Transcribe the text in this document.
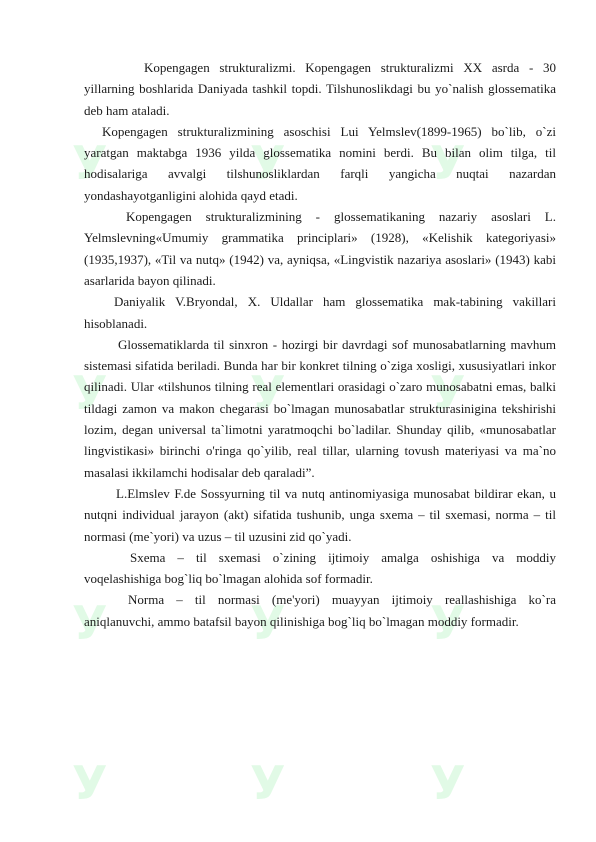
У	У	У
У	У	У
У	У	У
У	У	У

Kopengagen strukturalizmi. Kopengagen strukturalizmi XX asrda - 30 yillarning boshlarida Daniyada tashkil topdi. Tilshunoslikdagi bu yo`nalish glossematika deb ham ataladi.

Kopengagen strukturalizmining asoschisi Lui Yelmslev(1899-1965) bo`lib, o`zi yaratgan maktabga 1936 yilda glossematika nomini berdi. Bu bilan olim tilga, til hodisalariga avvalgi tilshunosliklardan farqli yangicha nuqtai nazardan yondashayotganligini alohida qayd etadi.

Kopengagen strukturalizmining - glossematikaning nazariy asoslari L. Yelmslevning«Umumiy grammatika principlari» (1928), «Kelishik kategoriyasi» (1935,1937), «Til va nutq» (1942) va, ayniqsa, «Lingvistik nazariya asoslari» (1943) kabi asarlarida bayon qilinadi.

Daniyalik V.Bryondal, X. Uldallar ham glossematika mak-tabining vakillari hisoblanadi.

Glossematiklarda til sinxron - hozirgi bir davrdagi sof munosabatlarning mavhum sistemasi sifatida beriladi. Bunda har bir konkret tilning o`ziga xosligi, xususiyatlari inkor qilinadi. Ular «tilshunos tilning real elementlari orasidagi o`zaro munosabatni emas, balki tildagi zamon va makon chegarasi bo`lmagan munosabatlar strukturasinigina tekshirishi lozim, degan universal ta`limotni yaratmoqchi bo`ladilar. Shunday qilib, «munosabatlar lingvistikasi» birinchi o'ringa qo`yilib, real tillar, ularning tovush materiyasi va ma`no masalasi ikkilamchi hodisalar deb qaraladi”.

L.Elmslev F.de Sossyurning til va nutq antinomiyasiga munosabat bildirar ekan, u nutqni individual jarayon (akt) sifatida tushunib, unga sxema – til sxemasi, norma – til normasi (me`yori) va uzus – til uzusini zid qo`yadi.

Sxema – til sxemasi o`zining ijtimoiy amalga oshishiga va moddiy voqelashishiga bog`liq bo`lmagan alohida sof formadir.

Norma – til normasi (me'yori) muayyan ijtimoiy reallashishiga ko`ra aniqlanuvchi, ammo batafsil bayon qilinishiga bog`liq bo`lmagan moddiy formadir.
